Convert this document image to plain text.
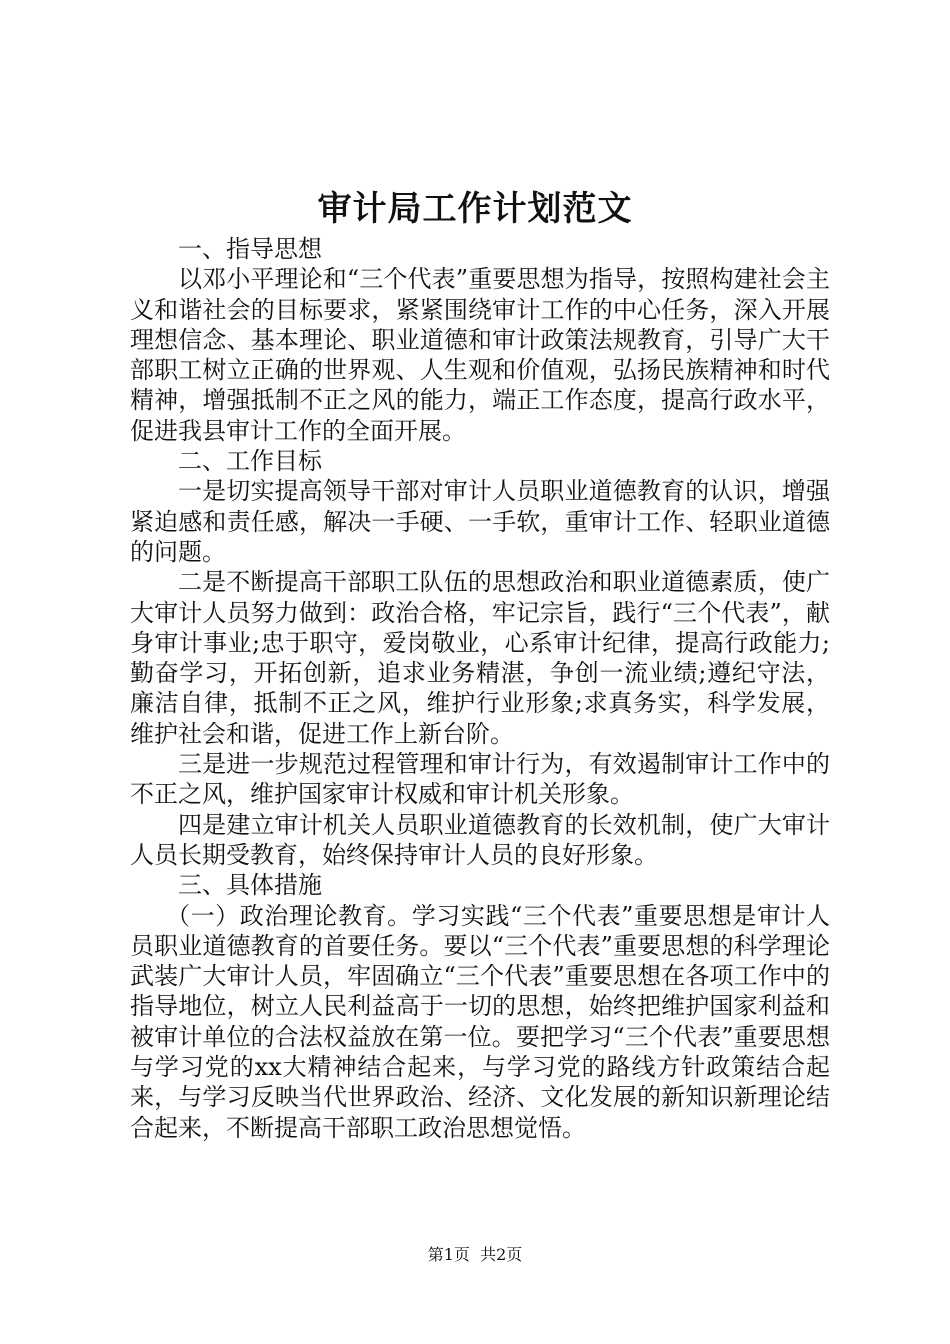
审计局工作计划范文

一、指导思想

以邓小平理论和“三个代表”重要思想为指导，按照构建社会主义和谐社会的目标要求，紧紧围绕审计工作的中心任务，深入开展理想信念、基本理论、职业道德和审计政策法规教育，引导广大干部职工树立正确的世界观、人生观和价值观，弘扬民族精神和时代精神，增强抵制不正之风的能力，端正工作态度，提高行政水平，促进我县审计工作的全面开展。

二、工作目标

一是切实提高领导干部对审计人员职业道德教育的认识，增强紧迫感和责任感，解决一手硬、一手软，重审计工作、轻职业道德的问题。

二是不断提高干部职工队伍的思想政治和职业道德素质，使广大审计人员努力做到：政治合格，牢记宗旨，践行“三个代表”，献身审计事业;忠于职守，爱岗敬业，心系审计纪律，提高行政能力;勤奋学习，开拓创新，追求业务精湛，争创一流业绩;遵纪守法，廉洁自律，抵制不正之风，维护行业形象;求真务实，科学发展，维护社会和谐，促进工作上新台阶。

三是进一步规范过程管理和审计行为，有效遏制审计工作中的不正之风，维护国家审计权威和审计机关形象。

四是建立审计机关人员职业道德教育的长效机制，使广大审计人员长期受教育，始终保持审计人员的良好形象。

三、具体措施

（一）政治理论教育。学习实践“三个代表”重要思想是审计人员职业道德教育的首要任务。要以“三个代表”重要思想的科学理论武装广大审计人员，牢固确立“三个代表”重要思想在各项工作中的指导地位，树立人民利益高于一切的思想，始终把维护国家利益和被审计单位的合法权益放在第一位。要把学习“三个代表”重要思想与学习党的xx大精神结合起来，与学习党的路线方针政策结合起来，与学习反映当代世界政治、经济、文化发展的新知识新理论结合起来，不断提高干部职工政治思想觉悟。

第1页 共2页
